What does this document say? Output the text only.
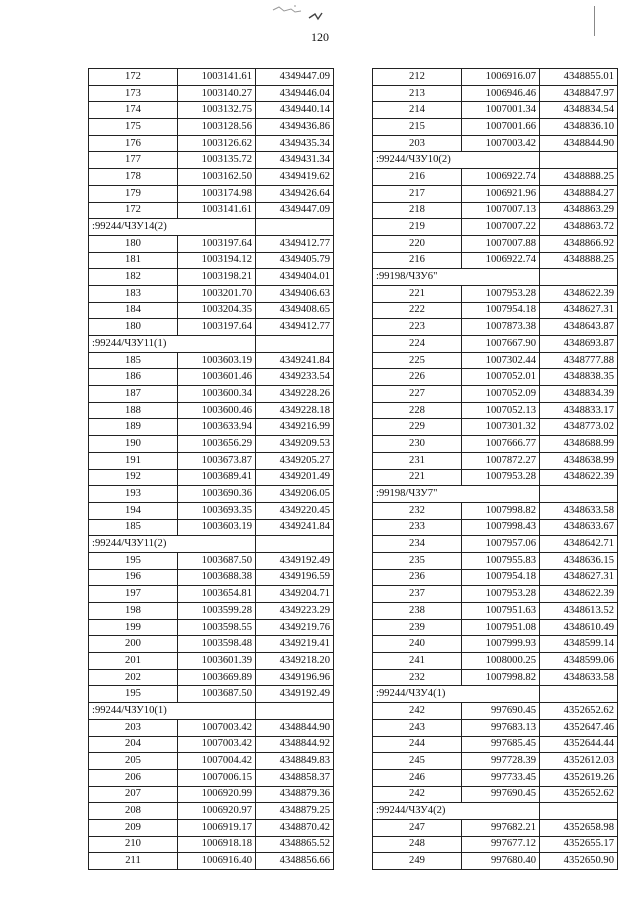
120
172	1003141.61	4349447.09
173	1003140.27	4349446.04
174	1003132.75	4349440.14
175	1003128.56	4349436.86
176	1003126.62	4349435.34
177	1003135.72	4349431.34
178	1003162.50	4349419.62
179	1003174.98	4349426.64
172	1003141.61	4349447.09
:99244/ЧЗУ14(2)		
180	1003197.64	4349412.77
181	1003194.12	4349405.79
182	1003198.21	4349404.01
183	1003201.70	4349406.63
184	1003204.35	4349408.65
180	1003197.64	4349412.77
:99244/ЧЗУ11(1)		
185	1003603.19	4349241.84
186	1003601.46	4349233.54
187	1003600.34	4349228.26
188	1003600.46	4349228.18
189	1003633.94	4349216.99
190	1003656.29	4349209.53
191	1003673.87	4349205.27
192	1003689.41	4349201.49
193	1003690.36	4349206.05
194	1003693.35	4349220.45
185	1003603.19	4349241.84
:99244/ЧЗУ11(2)		
195	1003687.50	4349192.49
196	1003688.38	4349196.59
197	1003654.81	4349204.71
198	1003599.28	4349223.29
199	1003598.55	4349219.76
200	1003598.48	4349219.41
201	1003601.39	4349218.20
202	1003669.89	4349196.96
195	1003687.50	4349192.49
:99244/ЧЗУ10(1)		
203	1007003.42	4348844.90
204	1007003.42	4348844.92
205	1007004.42	4348849.83
206	1007006.15	4348858.37
207	1006920.99	4348879.36
208	1006920.97	4348879.25
209	1006919.17	4348870.42
210	1006918.18	4348865.52
211	1006916.40	4348856.66
212	1006916.07	4348855.01
213	1006946.46	4348847.97
214	1007001.34	4348834.54
215	1007001.66	4348836.10
203	1007003.42	4348844.90
:99244/ЧЗУ10(2)		
216	1006922.74	4348888.25
217	1006921.96	4348884.27
218	1007007.13	4348863.29
219	1007007.22	4348863.72
220	1007007.88	4348866.92
216	1006922.74	4348888.25
:99198/ЧЗУ6"		
221	1007953.28	4348622.39
222	1007954.18	4348627.31
223	1007873.38	4348643.87
224	1007667.90	4348693.87
225	1007302.44	4348777.88
226	1007052.01	4348838.35
227	1007052.09	4348834.39
228	1007052.13	4348833.17
229	1007301.32	4348773.02
230	1007666.77	4348688.99
231	1007872.27	4348638.99
221	1007953.28	4348622.39
:99198/ЧЗУ7"		
232	1007998.82	4348633.58
233	1007998.43	4348633.67
234	1007957.06	4348642.71
235	1007955.83	4348636.15
236	1007954.18	4348627.31
237	1007953.28	4348622.39
238	1007951.63	4348613.52
239	1007951.08	4348610.49
240	1007999.93	4348599.14
241	1008000.25	4348599.06
232	1007998.82	4348633.58
:99244/ЧЗУ4(1)		
242	997690.45	4352652.62
243	997683.13	4352647.46
244	997685.45	4352644.44
245	997728.39	4352612.03
246	997733.45	4352619.26
242	997690.45	4352652.62
:99244/ЧЗУ4(2)		
247	997682.21	4352658.98
248	997677.12	4352655.17
249	997680.40	4352650.90
